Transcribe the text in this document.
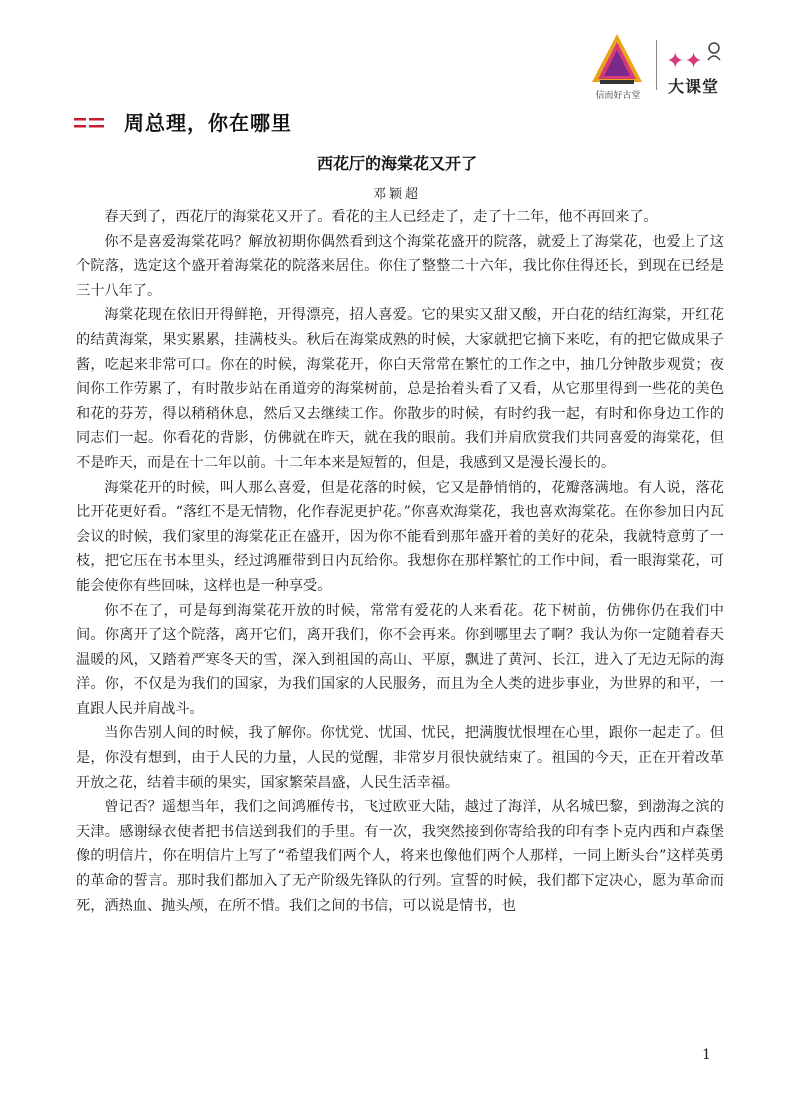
信而好古堂
✦✦
大课堂
周总理，你在哪里
西花厅的海棠花又开了
邓颖超

春天到了，西花厅的海棠花又开了。看花的主人已经走了，走了十二年，他不再回来了。

你不是喜爱海棠花吗？解放初期你偶然看到这个海棠花盛开的院落，就爱上了海棠花，也爱上了这个院落，选定这个盛开着海棠花的院落来居住。你住了整整二十六年，我比你住得还长，到现在已经是三十八年了。

海棠花现在依旧开得鲜艳，开得漂亮，招人喜爱。它的果实又甜又酸，开白花的结红海棠，开红花的结黄海棠，果实累累，挂满枝头。秋后在海棠成熟的时候，大家就把它摘下来吃，有的把它做成果子酱，吃起来非常可口。你在的时候，海棠花开，你白天常常在繁忙的工作之中，抽几分钟散步观赏；夜间你工作劳累了，有时散步站在甬道旁的海棠树前，总是抬着头看了又看，从它那里得到一些花的美色和花的芬芳，得以稍稍休息，然后又去继续工作。你散步的时候，有时约我一起，有时和你身边工作的同志们一起。你看花的背影，仿佛就在昨天，就在我的眼前。我们并肩欣赏我们共同喜爱的海棠花，但不是昨天，而是在十二年以前。十二年本来是短暂的，但是，我感到又是漫长漫长的。

海棠花开的时候，叫人那么喜爱，但是花落的时候，它又是静悄悄的，花瓣落满地。有人说，落花比开花更好看。“落红不是无情物，化作春泥更护花。”你喜欢海棠花，我也喜欢海棠花。在你参加日内瓦会议的时候，我们家里的海棠花正在盛开，因为你不能看到那年盛开着的美好的花朵，我就特意剪了一枝，把它压在书本里头，经过鸿雁带到日内瓦给你。我想你在那样繁忙的工作中间，看一眼海棠花，可能会使你有些回味，这样也是一种享受。

你不在了，可是每到海棠花开放的时候，常常有爱花的人来看花。花下树前，仿佛你仍在我们中间。你离开了这个院落，离开它们，离开我们，你不会再来。你到哪里去了啊？我认为你一定随着春天温暖的风，又踏着严寒冬天的雪，深入到祖国的高山、平原，飘进了黄河、长江，进入了无边无际的海洋。你，不仅是为我们的国家，为我们国家的人民服务，而且为全人类的进步事业，为世界的和平，一直跟人民并肩战斗。

当你告别人间的时候，我了解你。你忧党、忧国、忧民，把满腹忧恨埋在心里，跟你一起走了。但是，你没有想到，由于人民的力量，人民的觉醒，非常岁月很快就结束了。祖国的今天，正在开着改革开放之花，结着丰硕的果实，国家繁荣昌盛，人民生活幸福。

曾记否？遥想当年，我们之间鸿雁传书，飞过欧亚大陆，越过了海洋，从名城巴黎，到渤海之滨的天津。感谢绿衣使者把书信送到我们的手里。有一次，我突然接到你寄给我的印有李卜克内西和卢森堡像的明信片，你在明信片上写了“希望我们两个人，将来也像他们两个人那样，一同上断头台”这样英勇的革命的誓言。那时我们都加入了无产阶级先锋队的行列。宣誓的时候，我们都下定决心，愿为革命而死，洒热血、抛头颅，在所不惜。我们之间的书信，可以说是情书，也

1
